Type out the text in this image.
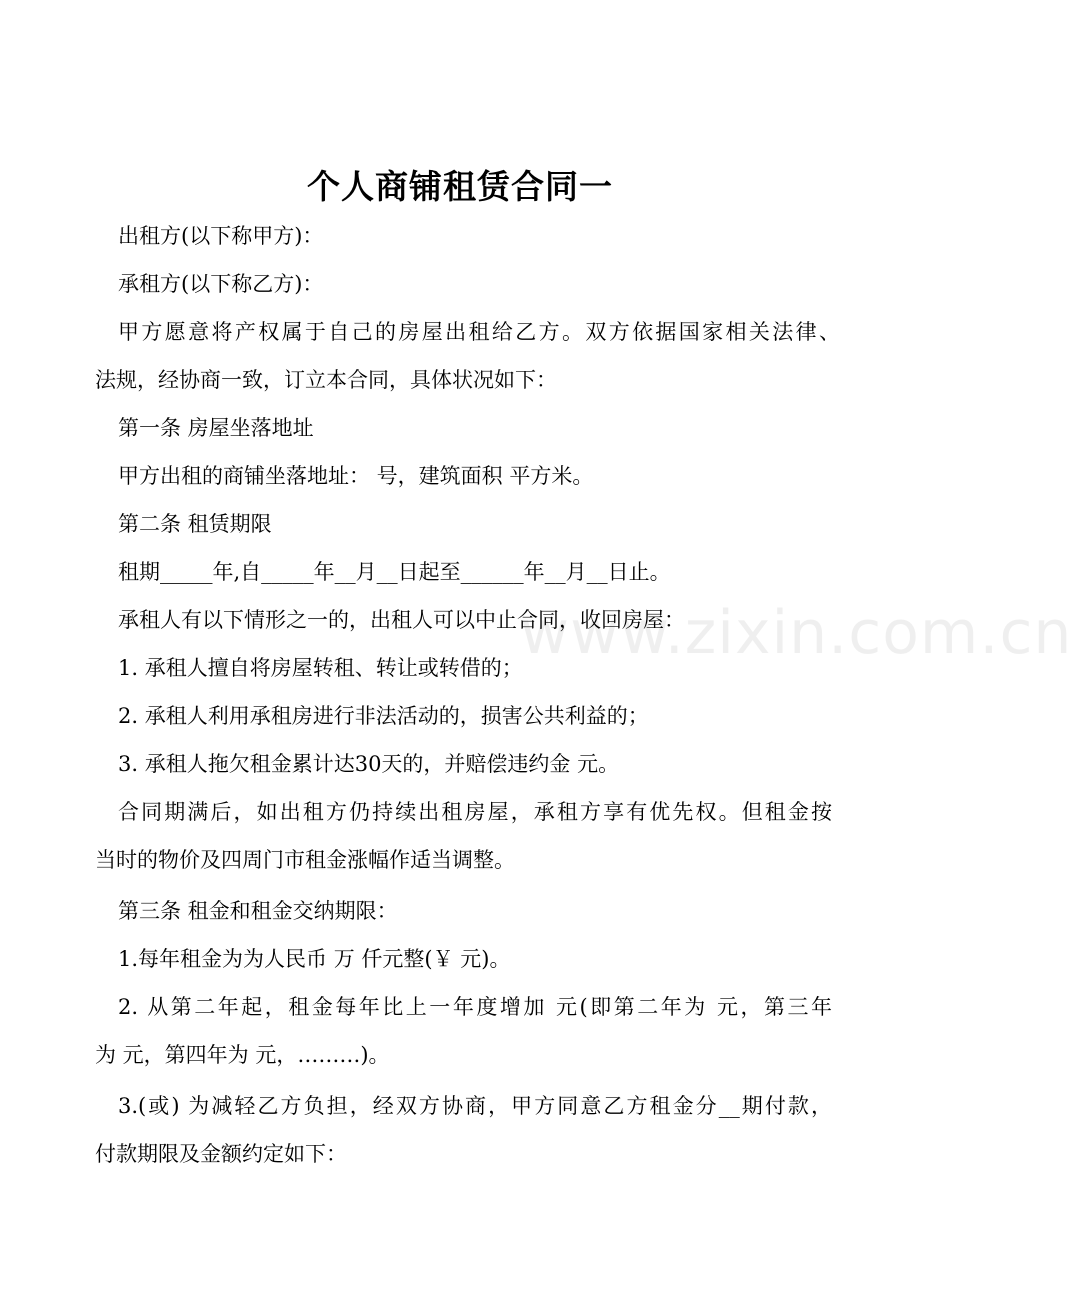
www.zixin.com.cn
个人商铺租赁合同一
出租方(以下称甲方)：
承租方(以下称乙方)：
甲方愿意将产权属于自己的房屋出租给乙方。双方依据国家相关法律、
法规，经协商一致，订立本合同，具体状况如下：
第一条 房屋坐落地址
甲方出租的商铺坐落地址： 号，建筑面积 平方米。
第二条 租赁期限
租期_____年,自_____年__月__日起至______年__月__日止。
承租人有以下情形之一的，出租人可以中止合同，收回房屋：
1. 承租人擅自将房屋转租、转让或转借的；
2. 承租人利用承租房进行非法活动的，损害公共利益的；
3. 承租人拖欠租金累计达30天的，并赔偿违约金 元。
合同期满后，如出租方仍持续出租房屋，承租方享有优先权。但租金按
当时的物价及四周门市租金涨幅作适当调整。
第三条 租金和租金交纳期限：
1.每年租金为为人民币 万 仟元整(￥ 元)。
2. 从第二年起，租金每年比上一年度增加 元(即第二年为 元，第三年
为 元，第四年为 元，………)。
3.(或) 为减轻乙方负担，经双方协商，甲方同意乙方租金分__期付款，
付款期限及金额约定如下：
